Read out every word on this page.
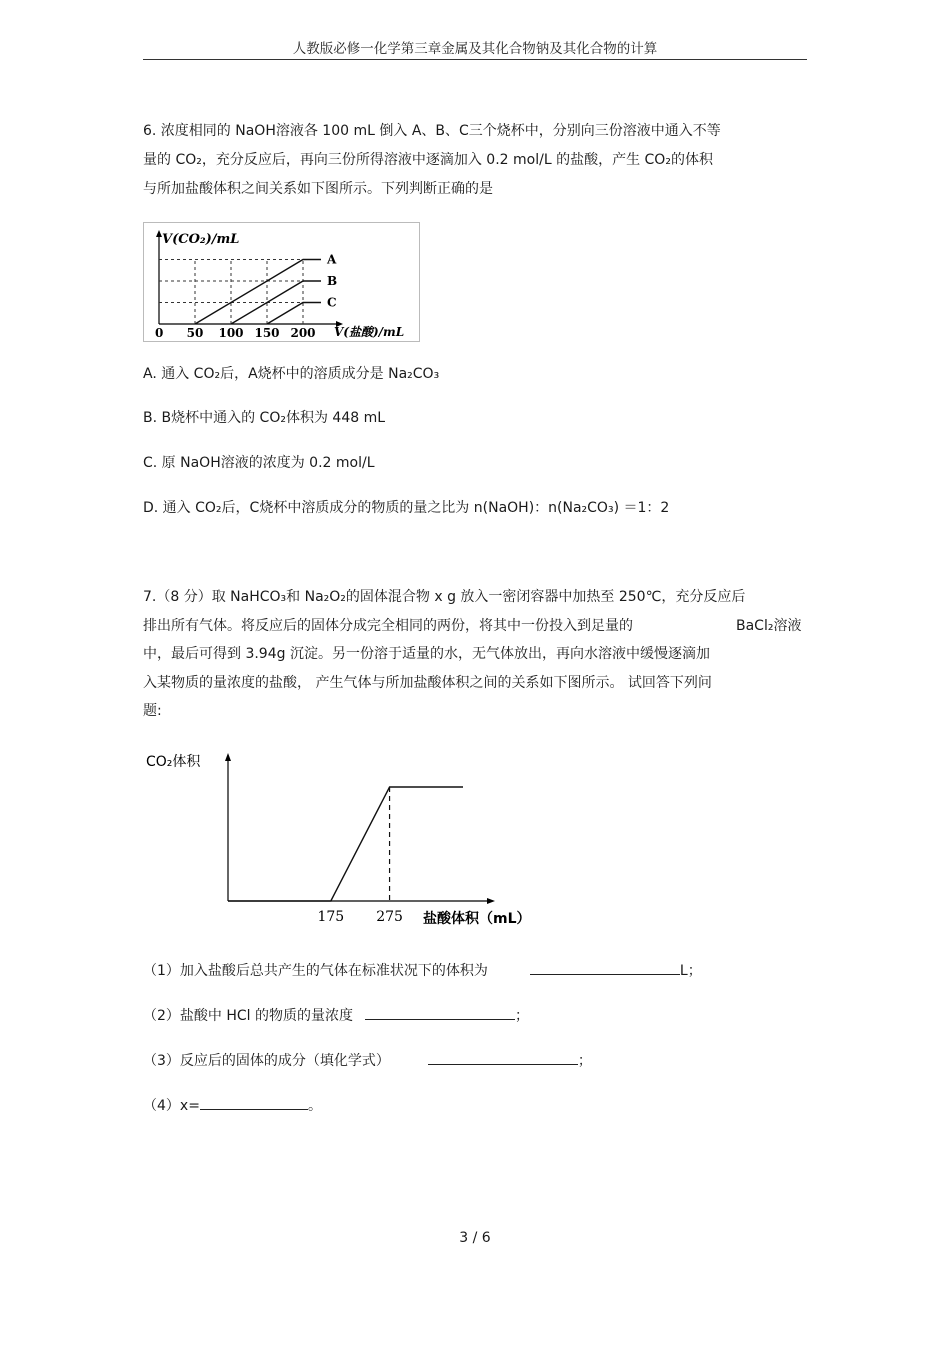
人教版必修一化学第三章金属及其化合物钠及其化合物的计算
6. 浓度相同的 NaOH溶液各 100 mL 倒入 A、B、C三个烧杯中，分别向三份溶液中通入不等
量的 CO₂，充分反应后，再向三份所得溶液中逐滴加入 0.2 mol/L 的盐酸，产生 CO₂的体积
与所加盐酸体积之间关系如下图所示。下列判断正确的是
50 100 150 200
A
B
C
V(CO₂)/mL
0	V(盐酸)/mL
A. 通入 CO₂后，A烧杯中的溶质成分是 Na₂CO₃
B. B烧杯中通入的 CO₂体积为 448 mL
C. 原 NaOH溶液的浓度为 0.2 mol/L
D. 通入 CO₂后，C烧杯中溶质成分的物质的量之比为 n(NaOH)：n(Na₂CO₃) ＝1：2
7.（8 分）取 NaHCO₃和 Na₂O₂的固体混合物 x g 放入一密闭容器中加热至 250℃，充分反应后
排出所有气体。将反应后的固体分成完全相同的两份，将其中一份投入到足量的	BaCl₂溶液
中，最后可得到 3.94g 沉淀。另一份溶于适量的水，无气体放出，再向水溶液中缓慢逐滴加
入某物质的量浓度的盐酸， 产生气体与所加盐酸体积之间的关系如下图所示。 试回答下列问
题:
175 275
CO₂体积
盐酸体积（mL）
（1）加入盐酸后总共产生的气体在标准状况下的体积为	L；
（2）盐酸中 HCl 的物质的量浓度	；
（3）反应后的固体的成分（填化学式）	；
（4）x=	。
3 / 6
